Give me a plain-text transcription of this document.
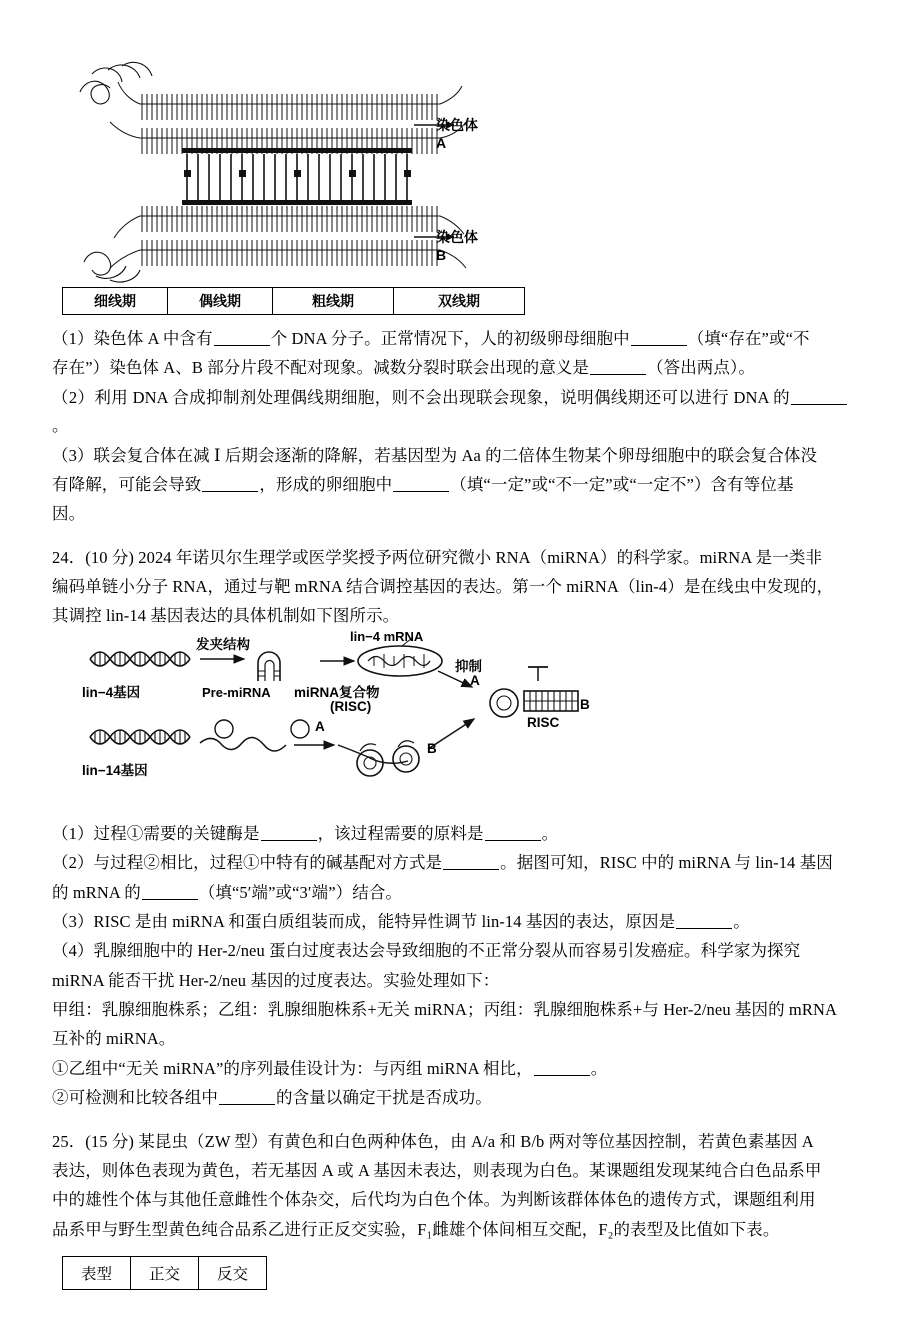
染色体A
染色体B
细线期	偶线期	粗线期	双线期

（1）染色体 A 中含有	个 DNA 分子。正常情况下，人的初级卵母细胞中	（填“存在”或“不

存在”）染色体 A、B 部分片段不配对现象。减数分裂时联会出现的意义是	（答出两点）。

（2）利用 DNA 合成抑制剂处理偶线期细胞，则不会出现联会现象，说明偶线期还可以进行 DNA 的。

（3）联会复合体在减 Ⅰ 后期会逐渐的降解，若基因型为 Aa 的二倍体生物某个卵母细胞中的联会复合体没

有降解，可能会导致	，形成的卵细胞中	（填“一定”或“不一定”或“一定不”）含有等位基

因。

24．(10 分) 2024 年诺贝尔生理学或医学奖授予两位研究微小 RNA（miRNA）的科学家。miRNA 是一类非

编码单链小分子 RNA，通过与靶 mRNA 结合调控基因的表达。第一个 miRNA（lin-4）是在线虫中发现的，

其调控 lin-14 基因表达的具体机制如下图所示。

lin−4基因
发夹结构
Pre-miRNA
lin−4 mRNA
miRNA复合物
(RISC)
抑制
RISC
A
B
lin−14基因
A
B

（1）过程①需要的关键酶是	，该过程需要的原料是	。

（2）与过程②相比，过程①中特有的碱基配对方式是	。据图可知，RISC 中的 miRNA 与 lin-14 基因

的 mRNA 的	（填“5′端”或“3′端”）结合。

（3）RISC 是由 miRNA 和蛋白质组装而成，能特异性调节 lin-14 基因的表达，原因是	。

（4）乳腺细胞中的 Her-2/neu 蛋白过度表达会导致细胞的不正常分裂从而容易引发癌症。科学家为探究

miRNA 能否干扰 Her-2/neu 基因的过度表达。实验处理如下：

甲组：乳腺细胞株系；乙组：乳腺细胞株系+无关 miRNA；丙组：乳腺细胞株系+与 Her-2/neu 基因的 mRNA

互补的 miRNA。

①乙组中“无关 miRNA”的序列最佳设计为：与丙组 miRNA 相比，	。

②可检测和比较各组中	的含量以确定干扰是否成功。

25．(15 分) 某昆虫（ZW 型）有黄色和白色两种体色，由 A/a 和 B/b 两对等位基因控制，若黄色素基因 A

表达，则体色表现为黄色，若无基因 A 或 A 基因未表达，则表现为白色。某课题组发现某纯合白色品系甲

中的雄性个体与其他任意雌性个体杂交，后代均为白色个体。为判断该群体体色的遗传方式，课题组利用

品系甲与野生型黄色纯合品系乙进行正反交实验，F₁雌雄个体间相互交配，F₂的表型及比值如下表。

表型	正交	反交
